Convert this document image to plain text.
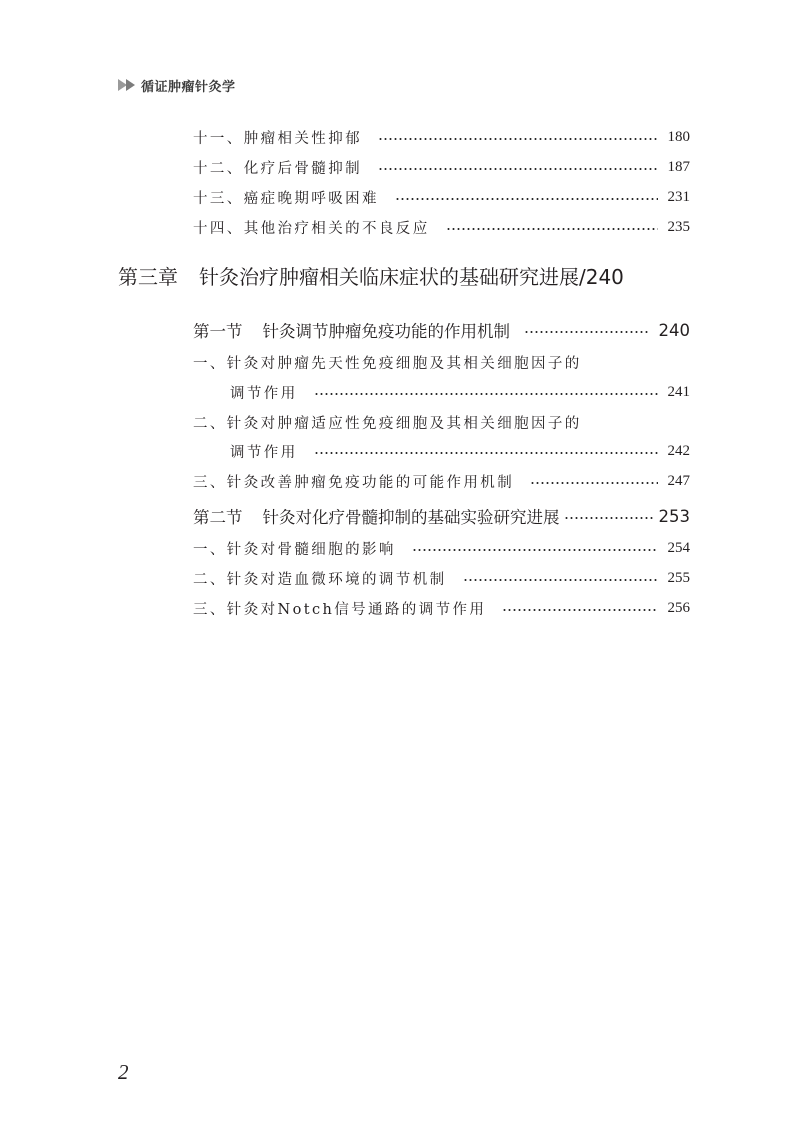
循证肿瘤针灸学
十一、肿瘤相关性抑郁	180
十二、化疗后骨髓抑制	187
十三、癌症晚期呼吸困难	231
十四、其他治疗相关的不良反应	235
第三章 针灸治疗肿瘤相关临床症状的基础研究进展/240
第一节 针灸调节肿瘤免疫功能的作用机制	240
一、针灸对肿瘤先天性免疫细胞及其相关细胞因子的
调节作用	241
二、针灸对肿瘤适应性免疫细胞及其相关细胞因子的
调节作用	242
三、针灸改善肿瘤免疫功能的可能作用机制	247
第二节 针灸对化疗骨髓抑制的基础实验研究进展	253
一、针灸对骨髓细胞的影响	254
二、针灸对造血微环境的调节机制	255
三、针灸对Notch信号通路的调节作用	256
2
